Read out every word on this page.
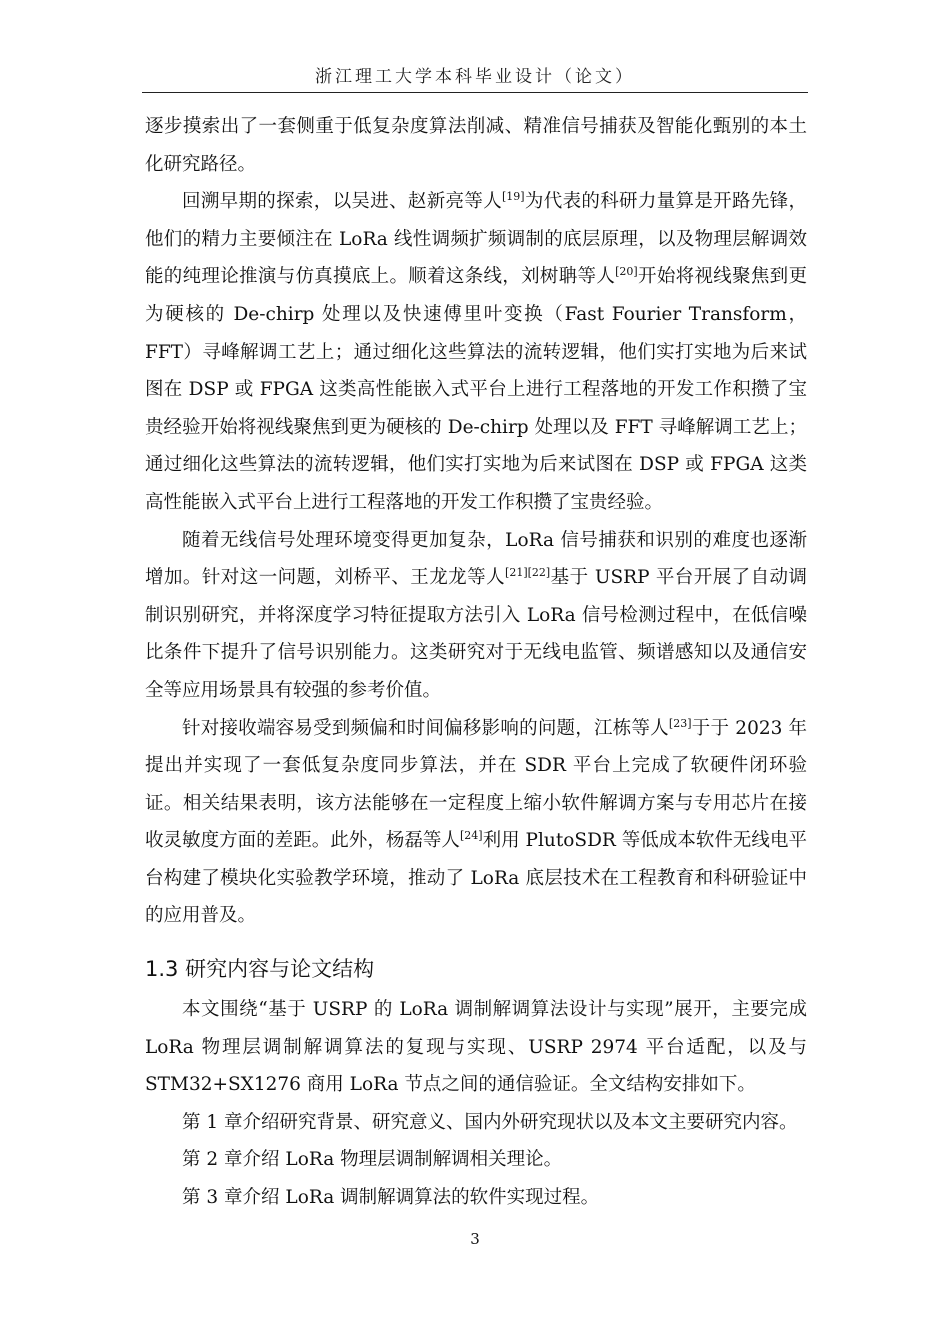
浙江理工大学本科毕业设计（论文）

逐步摸索出了一套侧重于低复杂度算法削减、精准信号捕获及智能化甄别的本土化研究路径。

回溯早期的探索，以吴进、赵新亮等人[19]为代表的科研力量算是开路先锋，他们的精力主要倾注在 LoRa 线性调频扩频调制的底层原理，以及物理层解调效能的纯理论推演与仿真摸底上。顺着这条线，刘树聃等人[20]开始将视线聚焦到更为硬核的 De-chirp 处理以及快速傅里叶变换（Fast Fourier Transform，FFT）寻峰解调工艺上；通过细化这些算法的流转逻辑，他们实打实地为后来试图在 DSP 或 FPGA 这类高性能嵌入式平台上进行工程落地的开发工作积攒了宝贵经验开始将视线聚焦到更为硬核的 De-chirp 处理以及 FFT 寻峰解调工艺上；通过细化这些算法的流转逻辑，他们实打实地为后来试图在 DSP 或 FPGA 这类高性能嵌入式平台上进行工程落地的开发工作积攒了宝贵经验。

随着无线信号处理环境变得更加复杂，LoRa 信号捕获和识别的难度也逐渐增加。针对这一问题，刘桥平、王龙龙等人[21][22]基于 USRP 平台开展了自动调制识别研究，并将深度学习特征提取方法引入 LoRa 信号检测过程中，在低信噪比条件下提升了信号识别能力。这类研究对于无线电监管、频谱感知以及通信安全等应用场景具有较强的参考价值。

针对接收端容易受到频偏和时间偏移影响的问题，江栋等人[23]于于 2023 年提出并实现了一套低复杂度同步算法，并在 SDR 平台上完成了软硬件闭环验证。相关结果表明，该方法能够在一定程度上缩小软件解调方案与专用芯片在接收灵敏度方面的差距。此外，杨磊等人[24]利用 PlutoSDR 等低成本软件无线电平台构建了模块化实验教学环境，推动了 LoRa 底层技术在工程教育和科研验证中的应用普及。

1.3 研究内容与论文结构

本文围绕“基于 USRP 的 LoRa 调制解调算法设计与实现”展开，主要完成 LoRa 物理层调制解调算法的复现与实现、USRP 2974 平台适配，以及与 STM32+SX1276 商用 LoRa 节点之间的通信验证。全文结构安排如下。

第 1 章介绍研究背景、研究意义、国内外研究现状以及本文主要研究内容。

第 2 章介绍 LoRa 物理层调制解调相关理论。

第 3 章介绍 LoRa 调制解调算法的软件实现过程。

3
